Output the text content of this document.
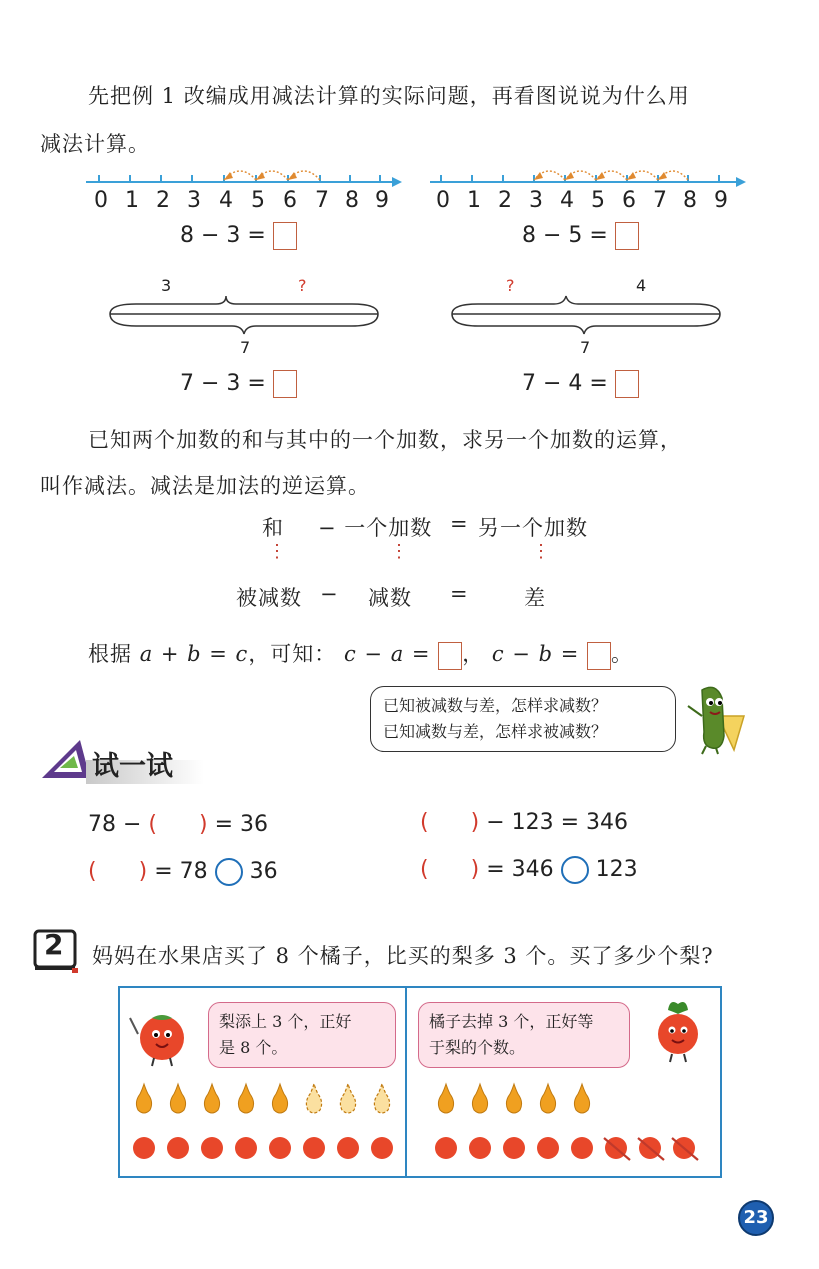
先把例 1 改编成用减法计算的实际问题，再看图说说为什么用
减法计算。
0 1 2 3 4 5 6 7 8 9
8 − 3 =
0 1 2 3 4 5 6 7 8 9
8 − 5 =
3	?
7
7 − 3 =
?	4
7
7 − 4 =
已知两个加数的和与其中的一个加数，求另一个加数的运算，
叫作减法。减法是加法的逆运算。
和 − 一个加数 = 另一个加数
⋮	⋮	⋮
被减数 − 减数 =	差
根据 a + b = c，可知： c − a = ， c − b = 。
已知被减数与差，怎样求减数？
已知减数与差，怎样求被减数？
试一试
78 − ( ) = 36	( ) − 123 = 346
( ) = 78 36	( ) = 346 123
2 妈妈在水果店买了 8 个橘子，比买的梨多 3 个。买了多少个梨?
梨添上 3 个，正好
是 8 个。
橘子去掉 3 个，正好等
于梨的个数。
23
